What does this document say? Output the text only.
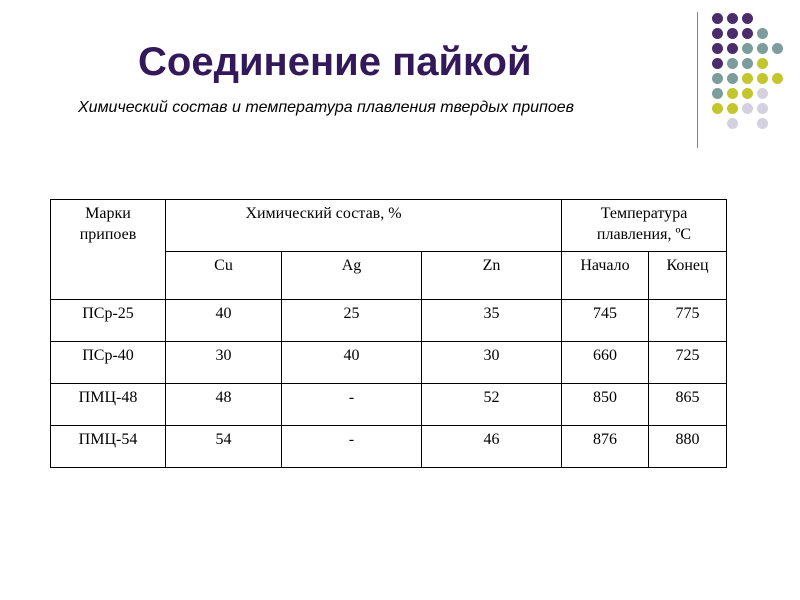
Соединение пайкой
Химический состав и температура плавления твердых припоев
Марки припоев	Химический состав, %			Температура плавления, ºC	

	Cu	Ag	Zn	Начало	Конец

ПСр-25	40	25	35	745	775

ПСр-40	30	40	30	660	725

ПМЦ-48	48	-	52	850	865

ПМЦ-54	54	-	46	876	880
